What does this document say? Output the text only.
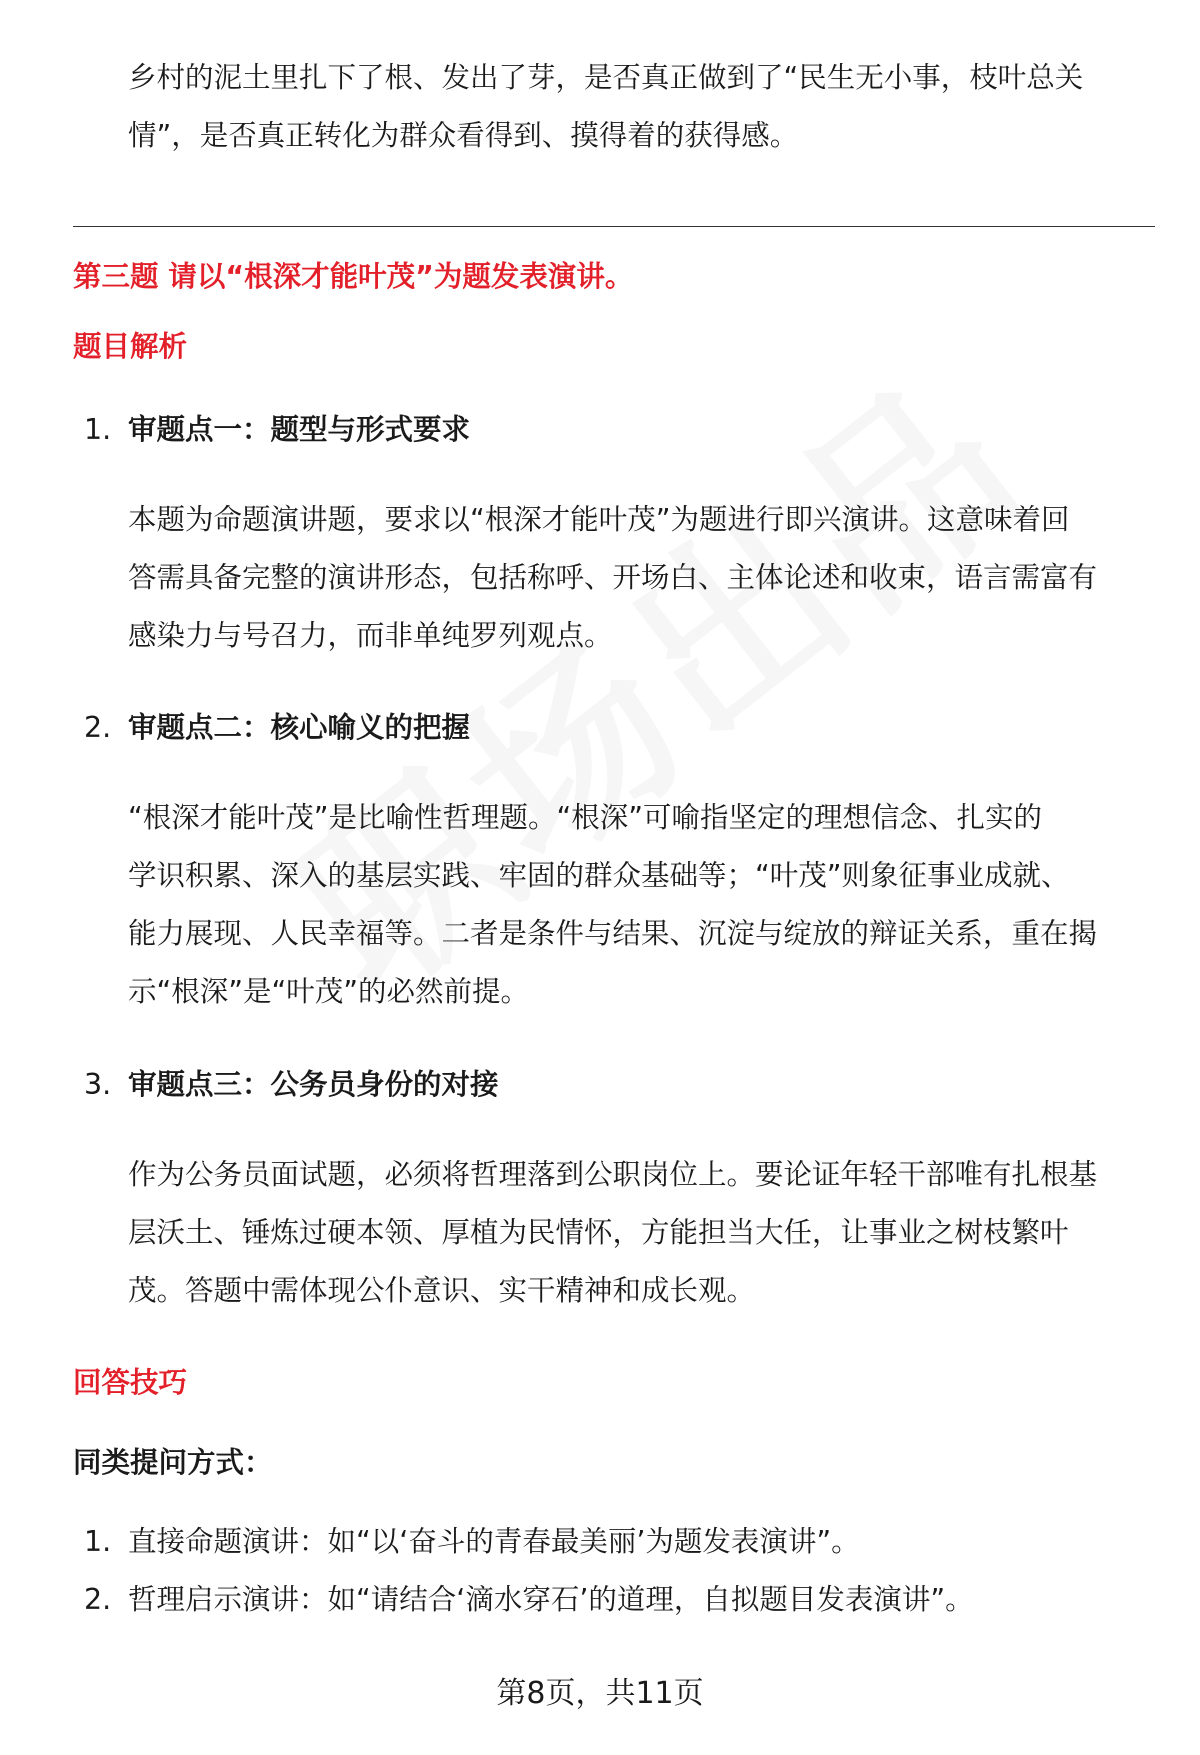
乡村的泥土里扎下了根、发出了芽，是否真正做到了“民生无小事，枝叶总关
情”，是否真正转化为群众看得到、摸得着的获得感。
第三题 请以“根深才能叶茂”为题发表演讲。
题目解析
1. 审题点一：题型与形式要求
本题为命题演讲题，要求以“根深才能叶茂”为题进行即兴演讲。这意味着回
答需具备完整的演讲形态，包括称呼、开场白、主体论述和收束，语言需富有
感染力与号召力，而非单纯罗列观点。
2. 审题点二：核心喻义的把握
“根深才能叶茂”是比喻性哲理题。“根深”可喻指坚定的理想信念、扎实的
学识积累、深入的基层实践、牢固的群众基础等；“叶茂”则象征事业成就、
能力展现、人民幸福等。二者是条件与结果、沉淀与绽放的辩证关系，重在揭
示“根深”是“叶茂”的必然前提。
3. 审题点三：公务员身份的对接
作为公务员面试题，必须将哲理落到公职岗位上。要论证年轻干部唯有扎根基
层沃土、锤炼过硬本领、厚植为民情怀，方能担当大任，让事业之树枝繁叶
茂。答题中需体现公仆意识、实干精神和成长观。
回答技巧
同类提问方式：
1. 直接命题演讲：如“以‘奋斗的青春最美丽’为题发表演讲”。
2. 哲理启示演讲：如“请结合‘滴水穿石’的道理，自拟题目发表演讲”。
第8页，共11页
